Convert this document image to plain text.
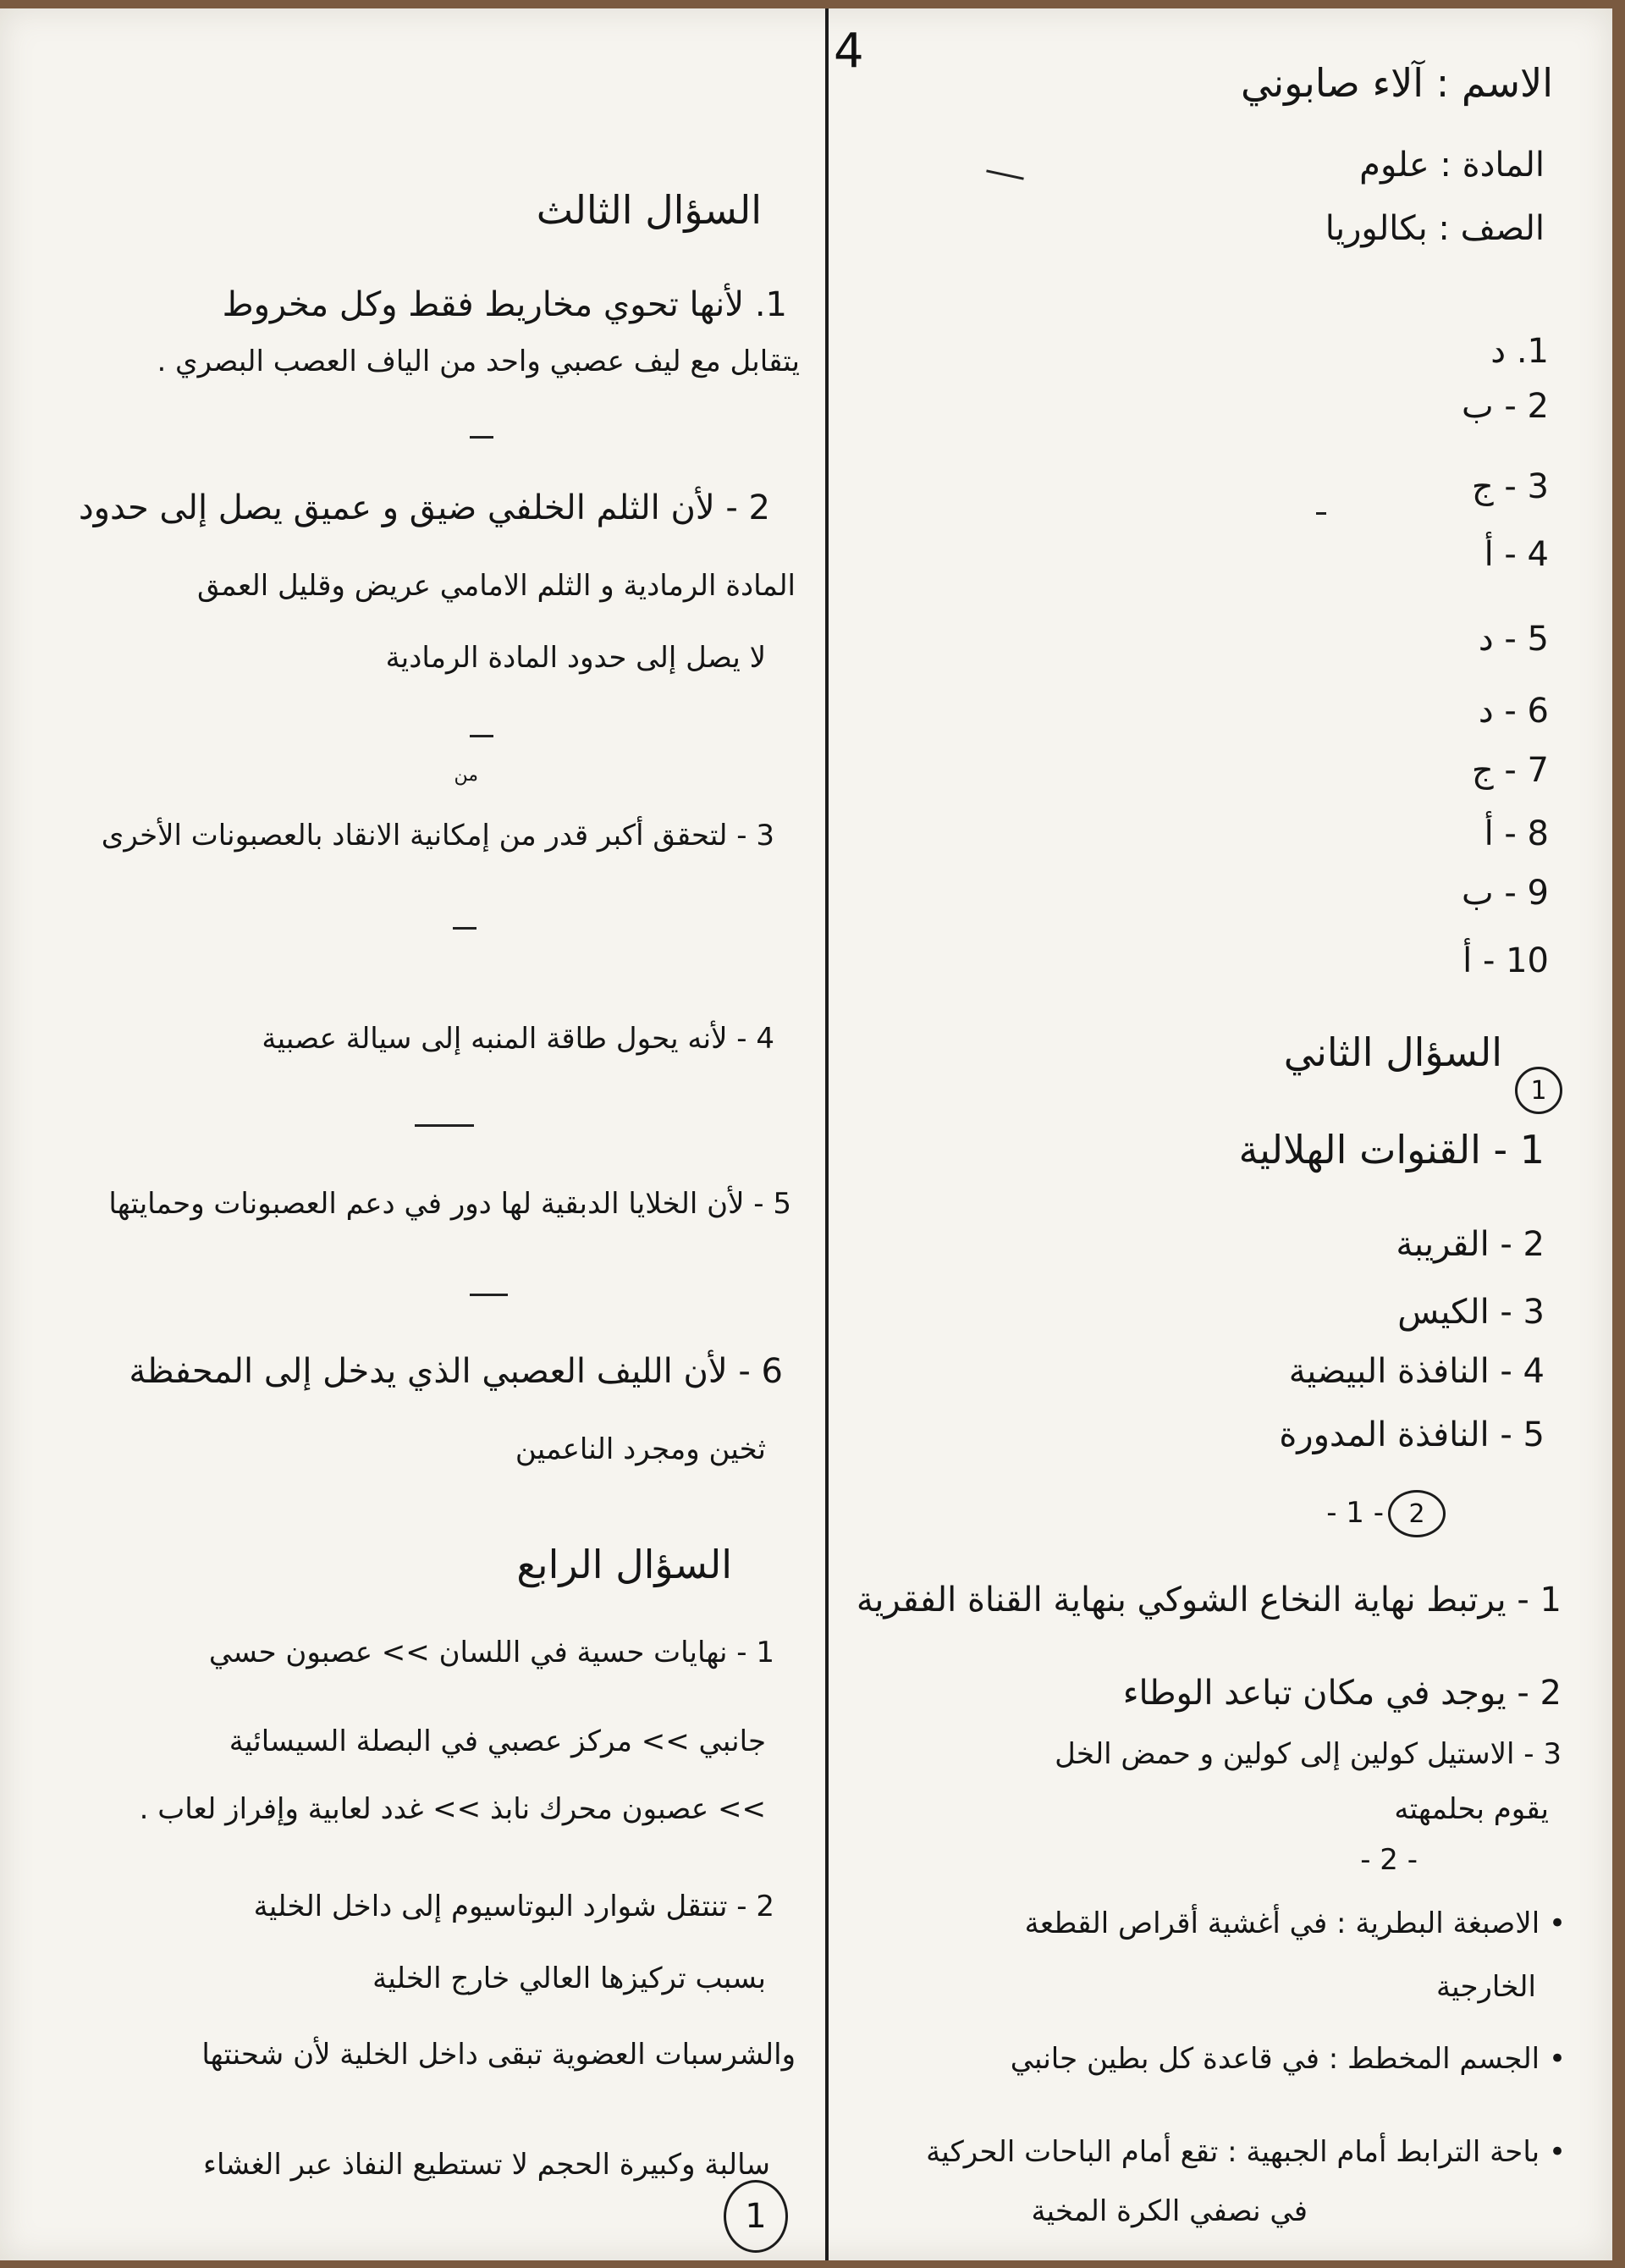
4
الاسم : آلاء صابوني
المادة : علوم
الصف : بكالوريا
1. د
2 - ب
3 - ج
4 - أ
5 - د
6 - د
7 - ج
8 - أ
9 - ب
10 - أ
السؤال الثاني
1
1 - القنوات الهلالية
2 - القريبة
3 - الكيس
4 - النافذة البيضية
5 - النافذة المدورة
2
- 1 -
1 - يرتبط نهاية النخاع الشوكي بنهاية القناة الفقرية
2 - يوجد في مكان تباعد الوطاء
3 - الاستيل كولين إلى كولين و حمض الخل
يقوم بحلمهته
- 2 -
• الاصبغة البطرية : في أغشية أقراص القطعة
الخارجية
• الجسم المخطط : في قاعدة كل بطين جانبي
• باحة الترابط أمام الجبهية : تقع أمام الباحات الحركية
في نصفي الكرة المخية
السؤال الثالث
1. لأنها تحوي مخاريط فقط وكل مخروط
يتقابل مع ليف عصبي واحد من الياف العصب البصري .
2 - لأن الثلم الخلفي ضيق و عميق يصل إلى حدود
المادة الرمادية و الثلم الامامي عريض وقليل العمق
لا يصل إلى حدود المادة الرمادية
من
3 - لتحقق أكبر قدر من إمكانية الانقاد بالعصبونات الأخرى
4 - لأنه يحول طاقة المنبه إلى سيالة عصبية
5 - لأن الخلايا الدبقية لها دور في دعم العصبونات وحمايتها
6 - لأن الليف العصبي الذي يدخل إلى المحفظة
ثخين ومجرد الناعمين
السؤال الرابع
1 - نهايات حسية في اللسان >> عصبون حسي
جانبي >> مركز عصبي في البصلة السيسائية
>> عصبون محرك نابذ >> غدد لعابية وإفراز لعاب .
2 - تنتقل شوارد البوتاسيوم إلى داخل الخلية
بسبب تركيزها العالي خارج الخلية
والشرسبات العضوية تبقى داخل الخلية لأن شحنتها
سالبة وكبيرة الحجم لا تستطيع النفاذ عبر الغشاء
1
